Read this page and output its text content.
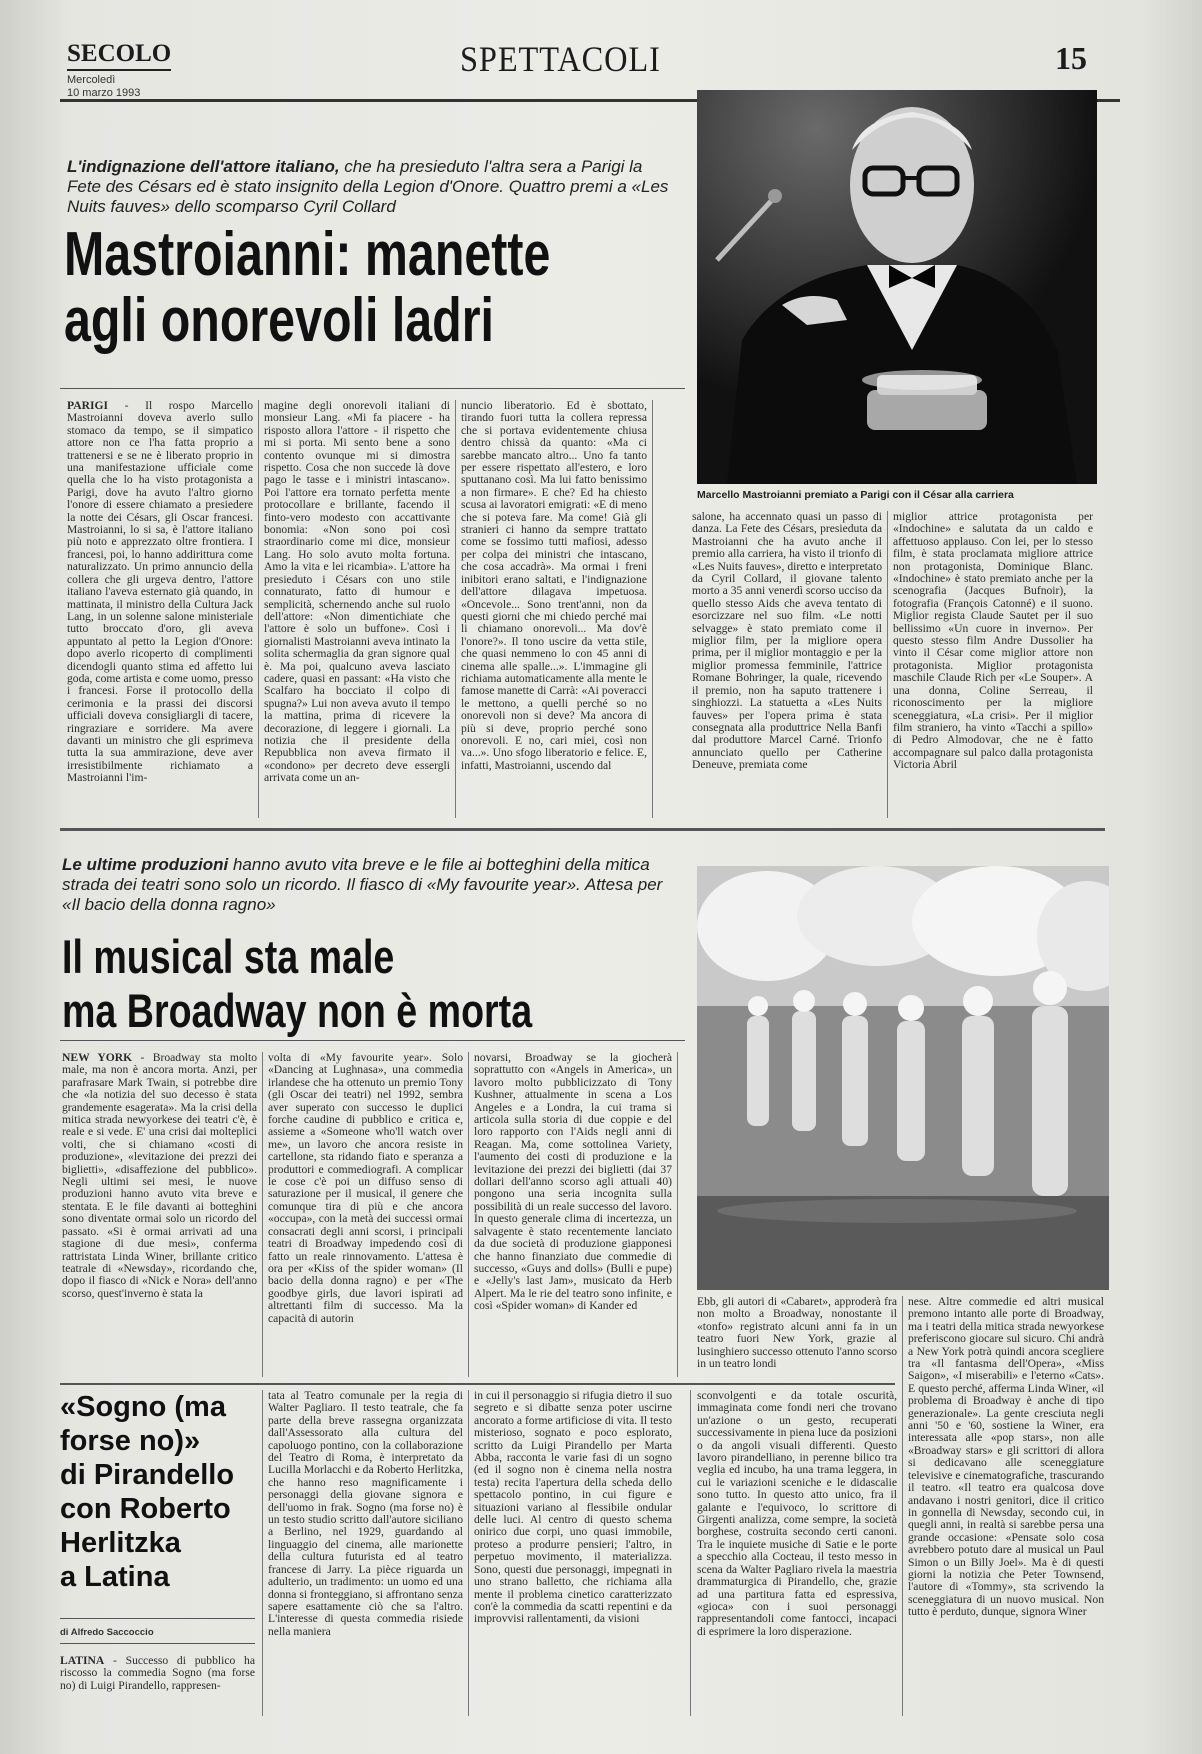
SECOLO
Mercoledì
10 marzo 1993
SPETTACOLI	15
L'indignazione dell'attore italiano, che ha presieduto l'altra sera a Parigi la Fete des Césars ed è stato insignito della Legion d'Onore. Quattro premi a «Les Nuits fauves» dello scomparso Cyril Collard
Mastroianni: manette
agli onorevoli ladri
Marcello Mastroianni premiato a Parigi con il César alla carriera
PARIGI - Il rospo Marcello Mastroianni doveva averlo sullo stomaco da tempo, se il simpatico attore non ce l'ha fatta proprio a trattenersi e se ne è liberato proprio in una manifestazione ufficiale come quella che lo ha visto protagonista a Parigi, dove ha avuto l'altro giorno l'onore di essere chiamato a presiedere la notte dei Césars, gli Oscar francesi. Mastroianni, lo si sa, è l'attore italiano più noto e apprezzato oltre frontiera. I francesi, poi, lo hanno addirittura come naturalizzato. Un primo annuncio della collera che gli urgeva dentro, l'attore italiano l'aveva esternato già quando, in mattinata, il ministro della Cultura Jack Lang, in un solenne salone ministeriale tutto broccato d'oro, gli aveva appuntato al petto la Legion d'Onore: dopo averlo ricoperto di complimenti dicendogli quanto stima ed affetto lui goda, come artista e come uomo, presso i francesi. Forse il protocollo della cerimonia e la prassi dei discorsi ufficiali doveva consigliargli di tacere, ringraziare e sorridere. Ma avere davanti un ministro che gli esprimeva tutta la sua ammirazione, deve aver irresistibilmente richiamato a Mastroianni l'im-
magine degli onorevoli italiani di monsieur Lang. «Mi fa piacere - ha risposto allora l'attore - il rispetto che mi si porta. Mi sento bene a sono contento ovunque mi si dimostra rispetto. Cosa che non succede là dove pago le tasse e i ministri intascano». Poi l'attore era tornato perfetta mente protocollare e brillante, facendo il finto-vero modesto con accattivante bonomia: «Non sono poi così straordinario come mi dice, monsieur Lang. Ho solo avuto molta fortuna. Amo la vita e lei ricambia». L'attore ha presieduto i Césars con uno stile connaturato, fatto di humour e semplicità, schernendo anche sul ruolo dell'attore: «Non dimentichiate che l'attore è solo un buffone». Così i giornalisti Mastroianni aveva intinato la solita schermaglia da gran signore qual è. Ma poi, qualcuno aveva lasciato cadere, quasi en passant: «Ha visto che Scalfaro ha bocciato il colpo di spugna?» Lui non aveva avuto il tempo la mattina, prima di ricevere la decorazione, di leggere i giornali. La notizia che il presidente della Repubblica non aveva firmato il «condono» per decreto deve essergli arrivata come un an-
nuncio liberatorio. Ed è sbottato, tirando fuori tutta la collera repressa che si portava evidentemente chiusa dentro chissà da quanto: «Ma ci sarebbe mancato altro... Uno fa tanto per essere rispettato all'estero, e loro sputtanano così. Ma lui fatto benissimo a non firmare». E che? Ed ha chiesto scusa ai lavoratori emigrati: «E di meno che si poteva fare. Ma come! Già gli stranieri ci hanno da sempre trattato come se fossimo tutti mafiosi, adesso per colpa dei ministri che intascano, che cosa accadrà». Ma ormai i freni inibitori erano saltati, e l'indignazione dell'attore dilagava impetuosa. «Oncevole... Sono trent'anni, non da questi giorni che mi chiedo perché mai li chiamano onorevoli... Ma dov'è l'onore?». Il tono uscire da vetta stile, che quasi nemmeno lo con 45 anni di cinema alle spalle...». L'immagine gli richiama automaticamente alla mente le famose manette di Carrà: «Ai poveracci le mettono, a quelli perché so no onorevoli non si deve? Ma ancora di più si deve, proprio perché sono onorevoli. E no, cari miei, così non va...». Uno sfogo liberatorio e felice. E, infatti, Mastroianni, uscendo dal
salone, ha accennato quasi un passo di danza. La Fete des Césars, presieduta da Mastroianni che ha avuto anche il premio alla carriera, ha visto il trionfo di «Les Nuits fauves», diretto e interpretato da Cyril Collard, il giovane talento morto a 35 anni venerdì scorso ucciso da quello stesso Aids che aveva tentato di esorcizzare nel suo film. «Le notti selvagge» è stato premiato come il miglior film, per la migliore opera prima, per il miglior montaggio e per la miglior promessa femminile, l'attrice Romane Bohringer, la quale, ricevendo il premio, non ha saputo trattenere i singhiozzi. La statuetta a «Les Nuits fauves» per l'opera prima è stata consegnata alla produttrice Nella Banfi dal produttore Marcel Carné. Trionfo annunciato quello per Catherine Deneuve, premiata come
miglior attrice protagonista per «Indochine» e salutata da un caldo e affettuoso applauso. Con lei, per lo stesso film, è stata proclamata migliore attrice non protagonista, Dominique Blanc. «Indochine» è stato premiato anche per la scenografia (Jacques Bufnoir), la fotografia (François Catonné) e il suono. Miglior regista Claude Sautet per il suo bellissimo «Un cuore in inverno». Per questo stesso film Andre Dussolier ha vinto il César come miglior attore non protagonista. Miglior protagonista maschile Claude Rich per «Le Souper». A una donna, Coline Serreau, il riconoscimento per la migliore sceneggiatura, «La crisi». Per il miglior film straniero, ha vinto «Tacchi a spillo» di Pedro Almodovar, che ne è fatto accompagnare sul palco dalla protagonista Victoria Abril
Le ultime produzioni hanno avuto vita breve e le file ai botteghini della mitica strada dei teatri sono solo un ricordo. Il fiasco di «My favourite year». Attesa per «Il bacio della donna ragno»
Il musical sta male
ma Broadway non è morta
NEW YORK - Broadway sta molto male, ma non è ancora morta. Anzi, per parafrasare Mark Twain, si potrebbe dire che «la notizia del suo decesso è stata grandemente esagerata». Ma la crisi della mitica strada newyorkese dei teatri c'è, è reale e si vede. E' una crisi dai molteplici volti, che si chiamano «costi di produzione», «levitazione dei prezzi dei biglietti», «disaffezione del pubblico». Negli ultimi sei mesi, le nuove produzioni hanno avuto vita breve e stentata. E le file davanti ai botteghini sono diventate ormai solo un ricordo del passato. «Si è ormai arrivati ad una stagione di due mesi», conferma rattristata Linda Winer, brillante critico teatrale di «Newsday», ricordando che, dopo il fiasco di «Nick e Nora» dell'anno scorso, quest'inverno è stata la
volta di «My favourite year». Solo «Dancing at Lughnasa», una commedia irlandese che ha ottenuto un premio Tony (gli Oscar dei teatri) nel 1992, sembra aver superato con successo le duplici forche caudine di pubblico e critica e, assieme a «Someone who'll watch over me», un lavoro che ancora resiste in cartellone, sta ridando fiato e speranza a produttori e commediografi. A complicar le cose c'è poi un diffuso senso di saturazione per il musical, il genere che comunque tira di più e che ancora «occupa», con la metà dei successi ormai consacrati degli anni scorsi, i principali teatri di Broadway impedendo così di fatto un reale rinnovamento. L'attesa è ora per «Kiss of the spider woman» (Il bacio della donna ragno) e per «The goodbye girls, due lavori ispirati ad altrettanti film di successo. Ma la capacità di autorin
novarsi, Broadway se la giocherà soprattutto con «Angels in America», un lavoro molto pubblicizzato di Tony Kushner, attualmente in scena a Los Angeles e a Londra, la cui trama si articola sulla storia di due coppie e del loro rapporto con l'Aids negli anni di Reagan. Ma, come sottolinea Variety, l'aumento dei costi di produzione e la levitazione dei prezzi dei biglietti (dai 37 dollari dell'anno scorso agli attuali 40) pongono una seria incognita sulla possibilità di un reale successo del lavoro. In questo generale clima di incertezza, un salvagente è stato recentemente lanciato da due società di produzione giapponesi che hanno finanziato due commedie di successo, «Guys and dolls» (Bulli e pupe) e «Jelly's last Jam», musicato da Herb Alpert. Ma le rie del teatro sono infinite, e così «Spider woman» di Kander ed	Ebb, gli autori di «Cabaret», approderà fra non molto a Broadway, nonostante il «tonfo» registrato alcuni anni fa in un teatro fuori New York, grazie al lusinghiero successo ottenuto l'anno scorso in un teatro londi
nese. Altre commedie ed altri musical premono intanto alle porte di Broadway, ma i teatri della mitica strada newyorkese preferiscono giocare sul sicuro. Chi andrà a New York potrà quindi ancora scegliere tra «Il fantasma dell'Opera», «Miss Saigon», «I miserabili» e l'eterno «Cats». E questo perché, afferma Linda Winer, «il problema di Broadway è anche di tipo generazionale». La gente cresciuta negli anni '50 e '60, sostiene la Winer, era interessata alle «pop stars», non alle «Broadway stars» e gli scrittori di allora si dedicavano alle sceneggiature televisive e cinematografiche, trascurando il teatro. «Il teatro era qualcosa dove andavano i nostri genitori, dice il critico in gonnella di Newsday, secondo cui, in quegli anni, in realtà si sarebbe persa una grande occasione: «Pensate solo cosa avrebbero potuto dare al musical un Paul Simon o un Billy Joel». Ma è di questi giorni la notizia che Peter Townsend, l'autore di «Tommy», sta scrivendo la sceneggiatura di un nuovo musical. Non tutto è perduto, dunque, signora Winer
«Sogno (ma
forse no)»
di Pirandello
con Roberto
Herlitzka
a Latina
di Alfredo Saccoccio
LATINA - Successo di pubblico ha riscosso la commedia Sogno (ma forse no) di Luigi Pirandello, rappresen-
tata al Teatro comunale per la regia di Walter Pagliaro. Il testo teatrale, che fa parte della breve rassegna organizzata dall'Assessorato alla cultura del capoluogo pontino, con la collaborazione del Teatro di Roma, è interpretato da Lucilla Morlacchi e da Roberto Herlitzka, che hanno reso magnificamente i personaggi della giovane signora e dell'uomo in frak. Sogno (ma forse no) è un testo studio scritto dall'autore siciliano a Berlino, nel 1929, guardando al linguaggio del cinema, alle marionette della cultura futurista ed al teatro francese di Jarry. La pièce riguarda un adulterio, un tradimento: un uomo ed una donna si fronteggiano, si affrontano senza sapere esattamente ciò che sa l'altro. L'interesse di questa commedia risiede nella maniera
in cui il personaggio si rifugia dietro il suo segreto e si dibatte senza poter uscirne ancorato a forme artificiose di vita. Il testo misterioso, sognato e poco esplorato, scritto da Luigi Pirandello per Marta Abba, racconta le varie fasi di un sogno (ed il sogno non è cinema nella nostra testa) recita l'apertura della scheda dello spettacolo pontino, in cui figure e situazioni variano al flessibile ondular delle luci. Al centro di questo schema onirico due corpi, uno quasi immobile, proteso a produrre pensieri; l'altro, in perpetuo movimento, il materializza. Sono, questi due personaggi, impegnati in uno strano balletto, che richiama alla mente il problema cinetico caratterizzato con'è la commedia da scatti repentini e da improvvisi rallentamenti, da visioni
sconvolgenti e da totale oscurità, immaginata come fondi neri che trovano un'azione o un gesto, recuperati successivamente in piena luce da posizioni o da angoli visuali differenti. Questo lavoro pirandelliano, in perenne bilico tra veglia ed incubo, ha una trama leggera, in cui le variazioni sceniche e le didascalie sono tutto. In questo atto unico, fra il galante e l'equivoco, lo scrittore di Girgenti analizza, come sempre, la società borghese, costruita secondo certi canoni. Tra le inquiete musiche di Satie e le porte a specchio alla Cocteau, il testo messo in scena da Walter Pagliaro rivela la maestria drammaturgica di Pirandello, che, grazie ad una partitura fatta ed espressiva, «gioca» con i suoi personaggi rappresentandoli come fantocci, incapaci di esprimere la loro disperazione.
